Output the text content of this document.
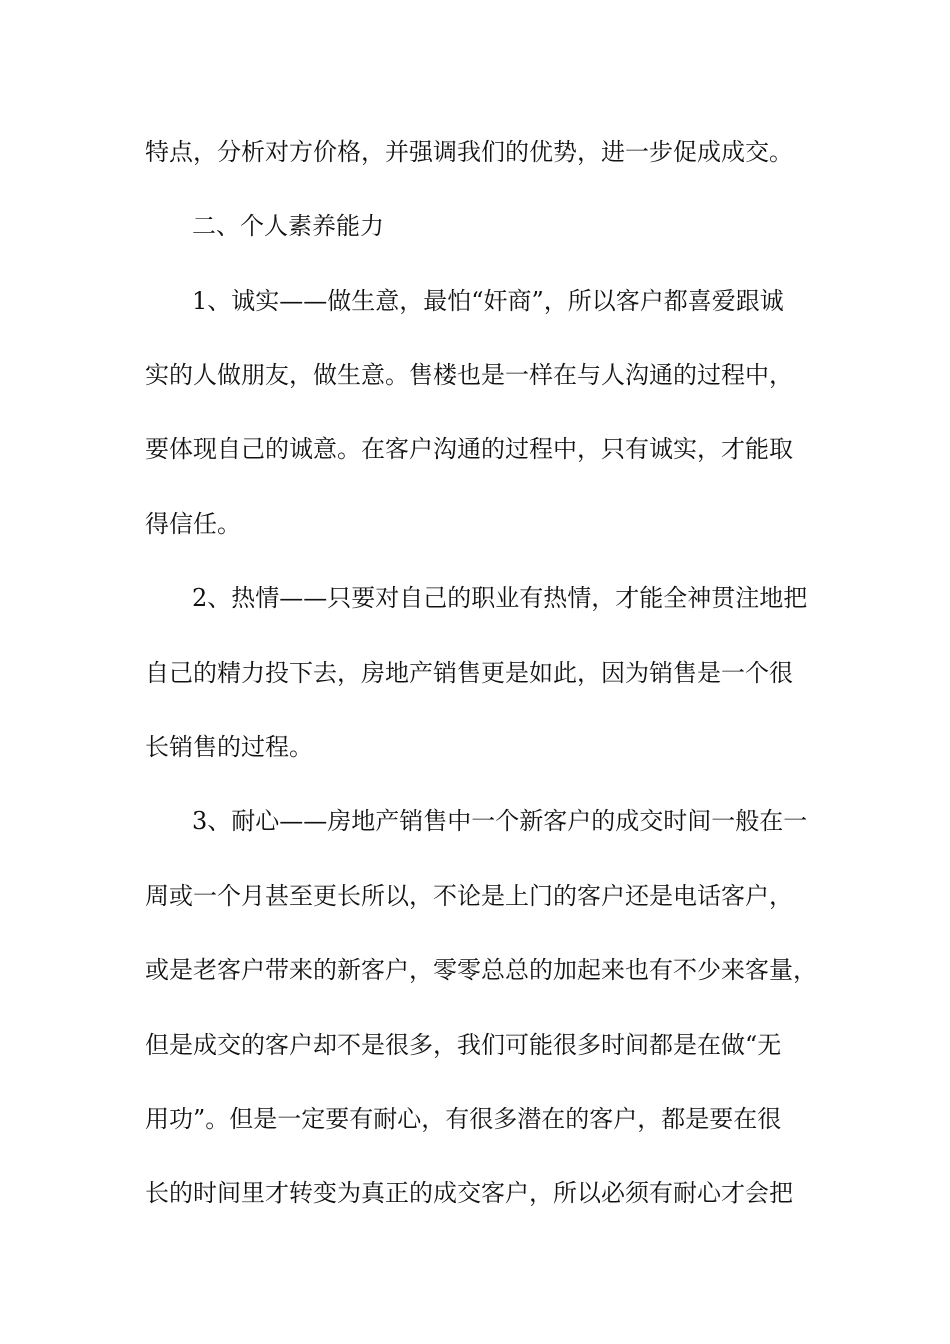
特点，分析对方价格，并强调我们的优势，进一步促成成交。
二、个人素养能力
1、诚实——做生意，最怕“奸商”，所以客户都喜爱跟诚
实的人做朋友，做生意。售楼也是一样在与人沟通的过程中，
要体现自己的诚意。在客户沟通的过程中，只有诚实，才能取
得信任。
2、热情——只要对自己的职业有热情，才能全神贯注地把
自己的精力投下去，房地产销售更是如此，因为销售是一个很
长销售的过程。
3、耐心——房地产销售中一个新客户的成交时间一般在一
周或一个月甚至更长所以，不论是上门的客户还是电话客户，
或是老客户带来的新客户，零零总总的加起来也有不少来客量，
但是成交的客户却不是很多，我们可能很多时间都是在做“无
用功”。但是一定要有耐心，有很多潜在的客户，都是要在很
长的时间里才转变为真正的成交客户，所以必须有耐心才会把
